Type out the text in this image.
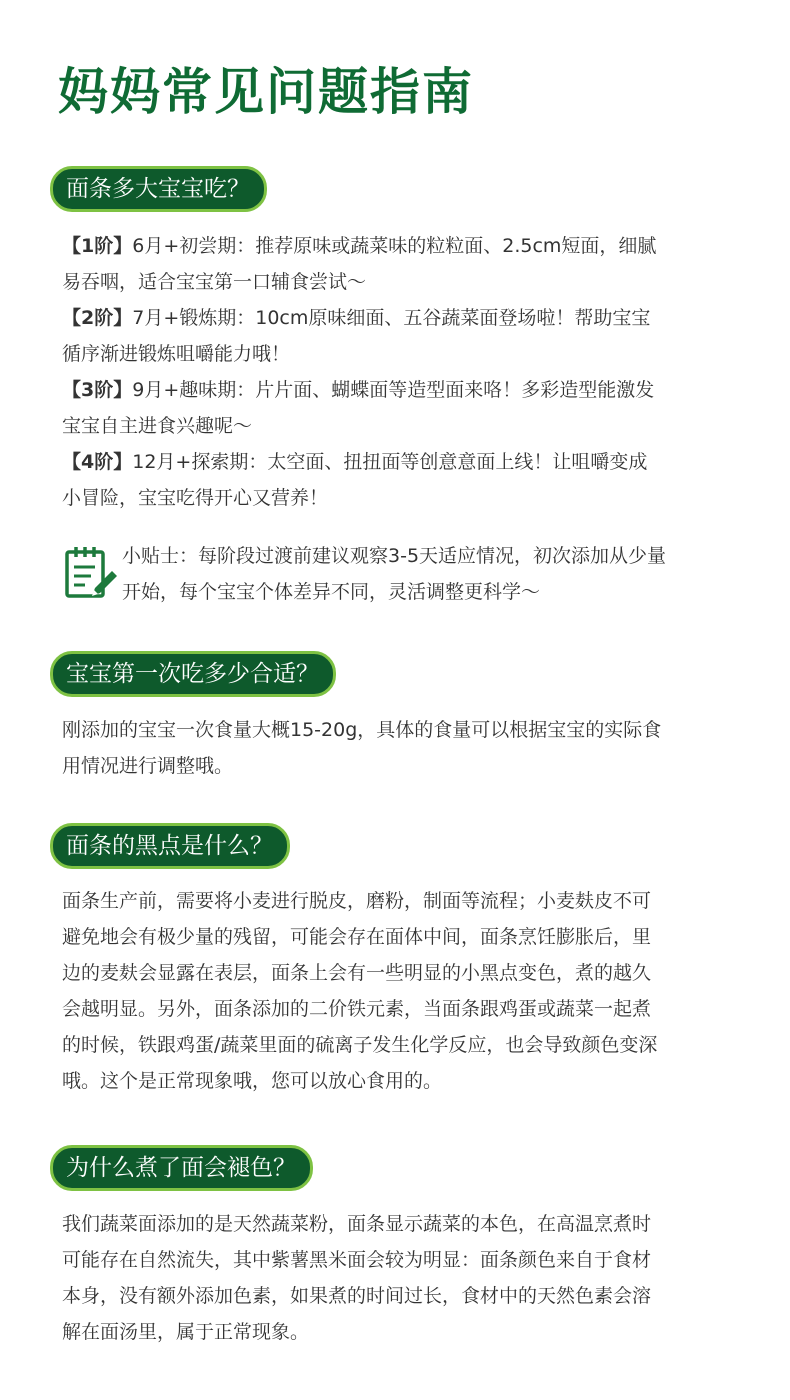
妈妈常见问题指南
面条多大宝宝吃？
【1阶】6月+初尝期：推荐原味或蔬菜味的粒粒面、2.5cm短面，细腻
易吞咽，适合宝宝第一口辅食尝试～
【2阶】7月+锻炼期：10cm原味细面、五谷蔬菜面登场啦！帮助宝宝
循序渐进锻炼咀嚼能力哦！
【3阶】9月+趣味期：片片面、蝴蝶面等造型面来咯！多彩造型能激发
宝宝自主进食兴趣呢～
【4阶】12月+探索期：太空面、扭扭面等创意意面上线！让咀嚼变成
小冒险，宝宝吃得开心又营养！
小贴士：每阶段过渡前建议观察3-5天适应情况，初次添加从少量
开始，每个宝宝个体差异不同，灵活调整更科学～
宝宝第一次吃多少合适？
刚添加的宝宝一次食量大概15-20g，具体的食量可以根据宝宝的实际食
用情况进行调整哦。
面条的黑点是什么？
面条生产前，需要将小麦进行脱皮，磨粉，制面等流程；小麦麸皮不可
避免地会有极少量的残留，可能会存在面体中间，面条烹饪膨胀后，里
边的麦麸会显露在表层，面条上会有一些明显的小黑点变色，煮的越久
会越明显。另外，面条添加的二价铁元素，当面条跟鸡蛋或蔬菜一起煮
的时候，铁跟鸡蛋/蔬菜里面的硫离子发生化学反应，也会导致颜色变深
哦。这个是正常现象哦，您可以放心食用的。
为什么煮了面会褪色？
我们蔬菜面添加的是天然蔬菜粉，面条显示蔬菜的本色，在高温烹煮时
可能存在自然流失，其中紫薯黑米面会较为明显：面条颜色来自于食材
本身，没有额外添加色素，如果煮的时间过长，食材中的天然色素会溶
解在面汤里，属于正常现象。
